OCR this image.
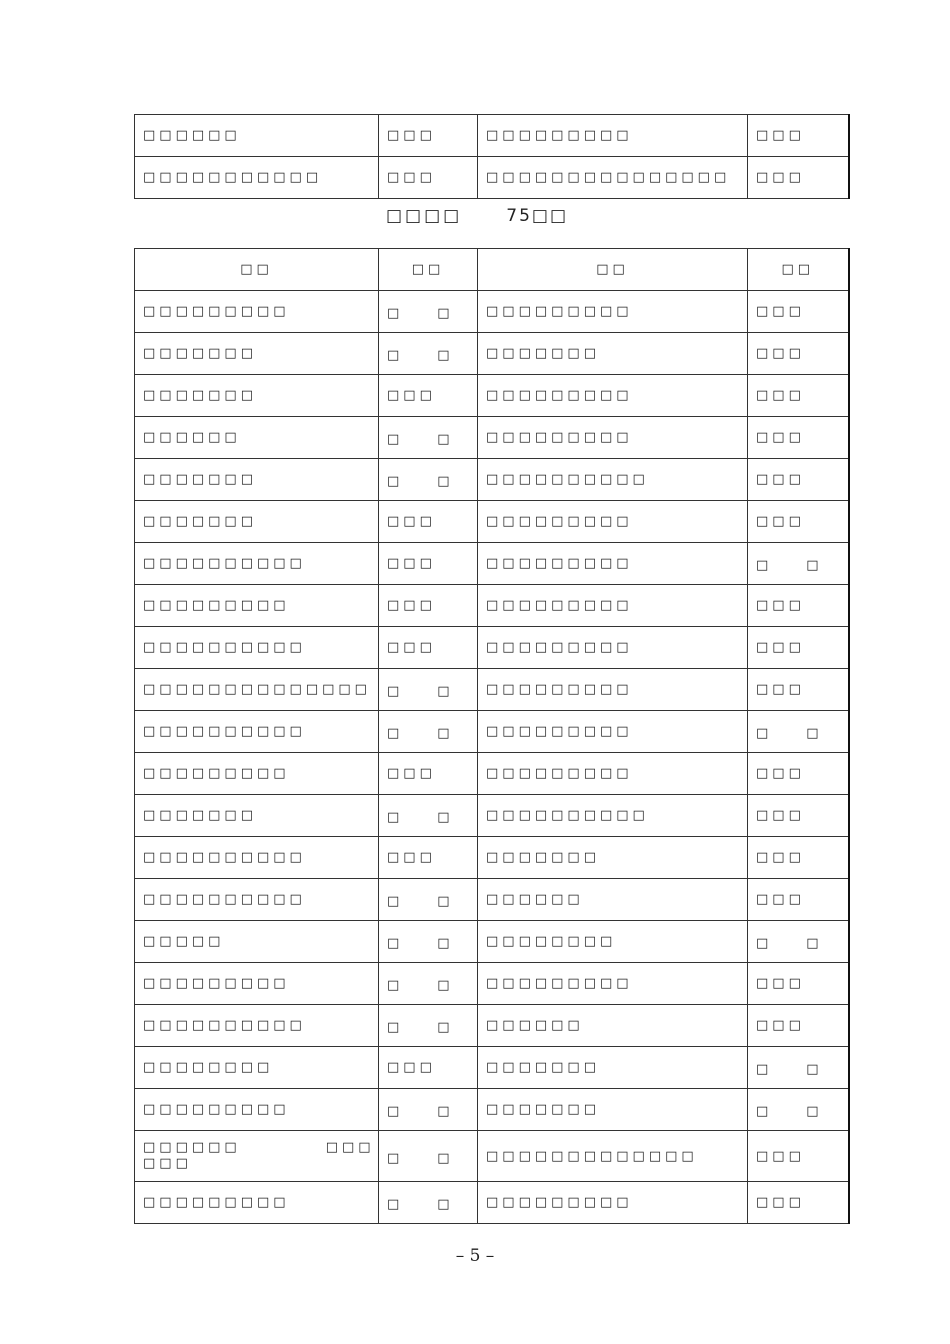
□□□□□□	□□□	□□□□□□□□□	□□□
□□□□□□□□□□□	□□□	□□□□□□□□□□□□□□□	□□□
□□□□	75□□
□□	□□	□□	□□
□□□□□□□□□	□　　□	□□□□□□□□□	□□□
□□□□□□□	□　　□	□□□□□□□	□□□
□□□□□□□	□□□	□□□□□□□□□	□□□
□□□□□□	□　　□	□□□□□□□□□	□□□
□□□□□□□	□　　□	□□□□□□□□□□	□□□
□□□□□□□	□□□	□□□□□□□□□	□□□
□□□□□□□□□□	□□□	□□□□□□□□□	□　　□
□□□□□□□□□	□□□	□□□□□□□□□	□□□
□□□□□□□□□□	□□□	□□□□□□□□□	□□□
□□□□□□□□□□□□□□	□　　□	□□□□□□□□□	□□□
□□□□□□□□□□	□　　□	□□□□□□□□□	□　　□
□□□□□□□□□	□□□	□□□□□□□□□	□□□
□□□□□□□	□　　□	□□□□□□□□□□	□□□
□□□□□□□□□□	□□□	□□□□□□□	□□□
□□□□□□□□□□	□　　□	□□□□□□	□□□
□□□□□	□　　□	□□□□□□□□	□　　□
□□□□□□□□□	□　　□	□□□□□□□□□	□□□
□□□□□□□□□□	□　　□	□□□□□□	□□□
□□□□□□□□	□□□	□□□□□□□	□　　□
□□□□□□□□□	□　　□	□□□□□□□	□　　□
□□□□□□　　　　　□□□□□□	□　　□	□□□□□□□□□□□□□	□□□
□□□□□□□□□	□　　□	□□□□□□□□□	□□□
– 5 –
